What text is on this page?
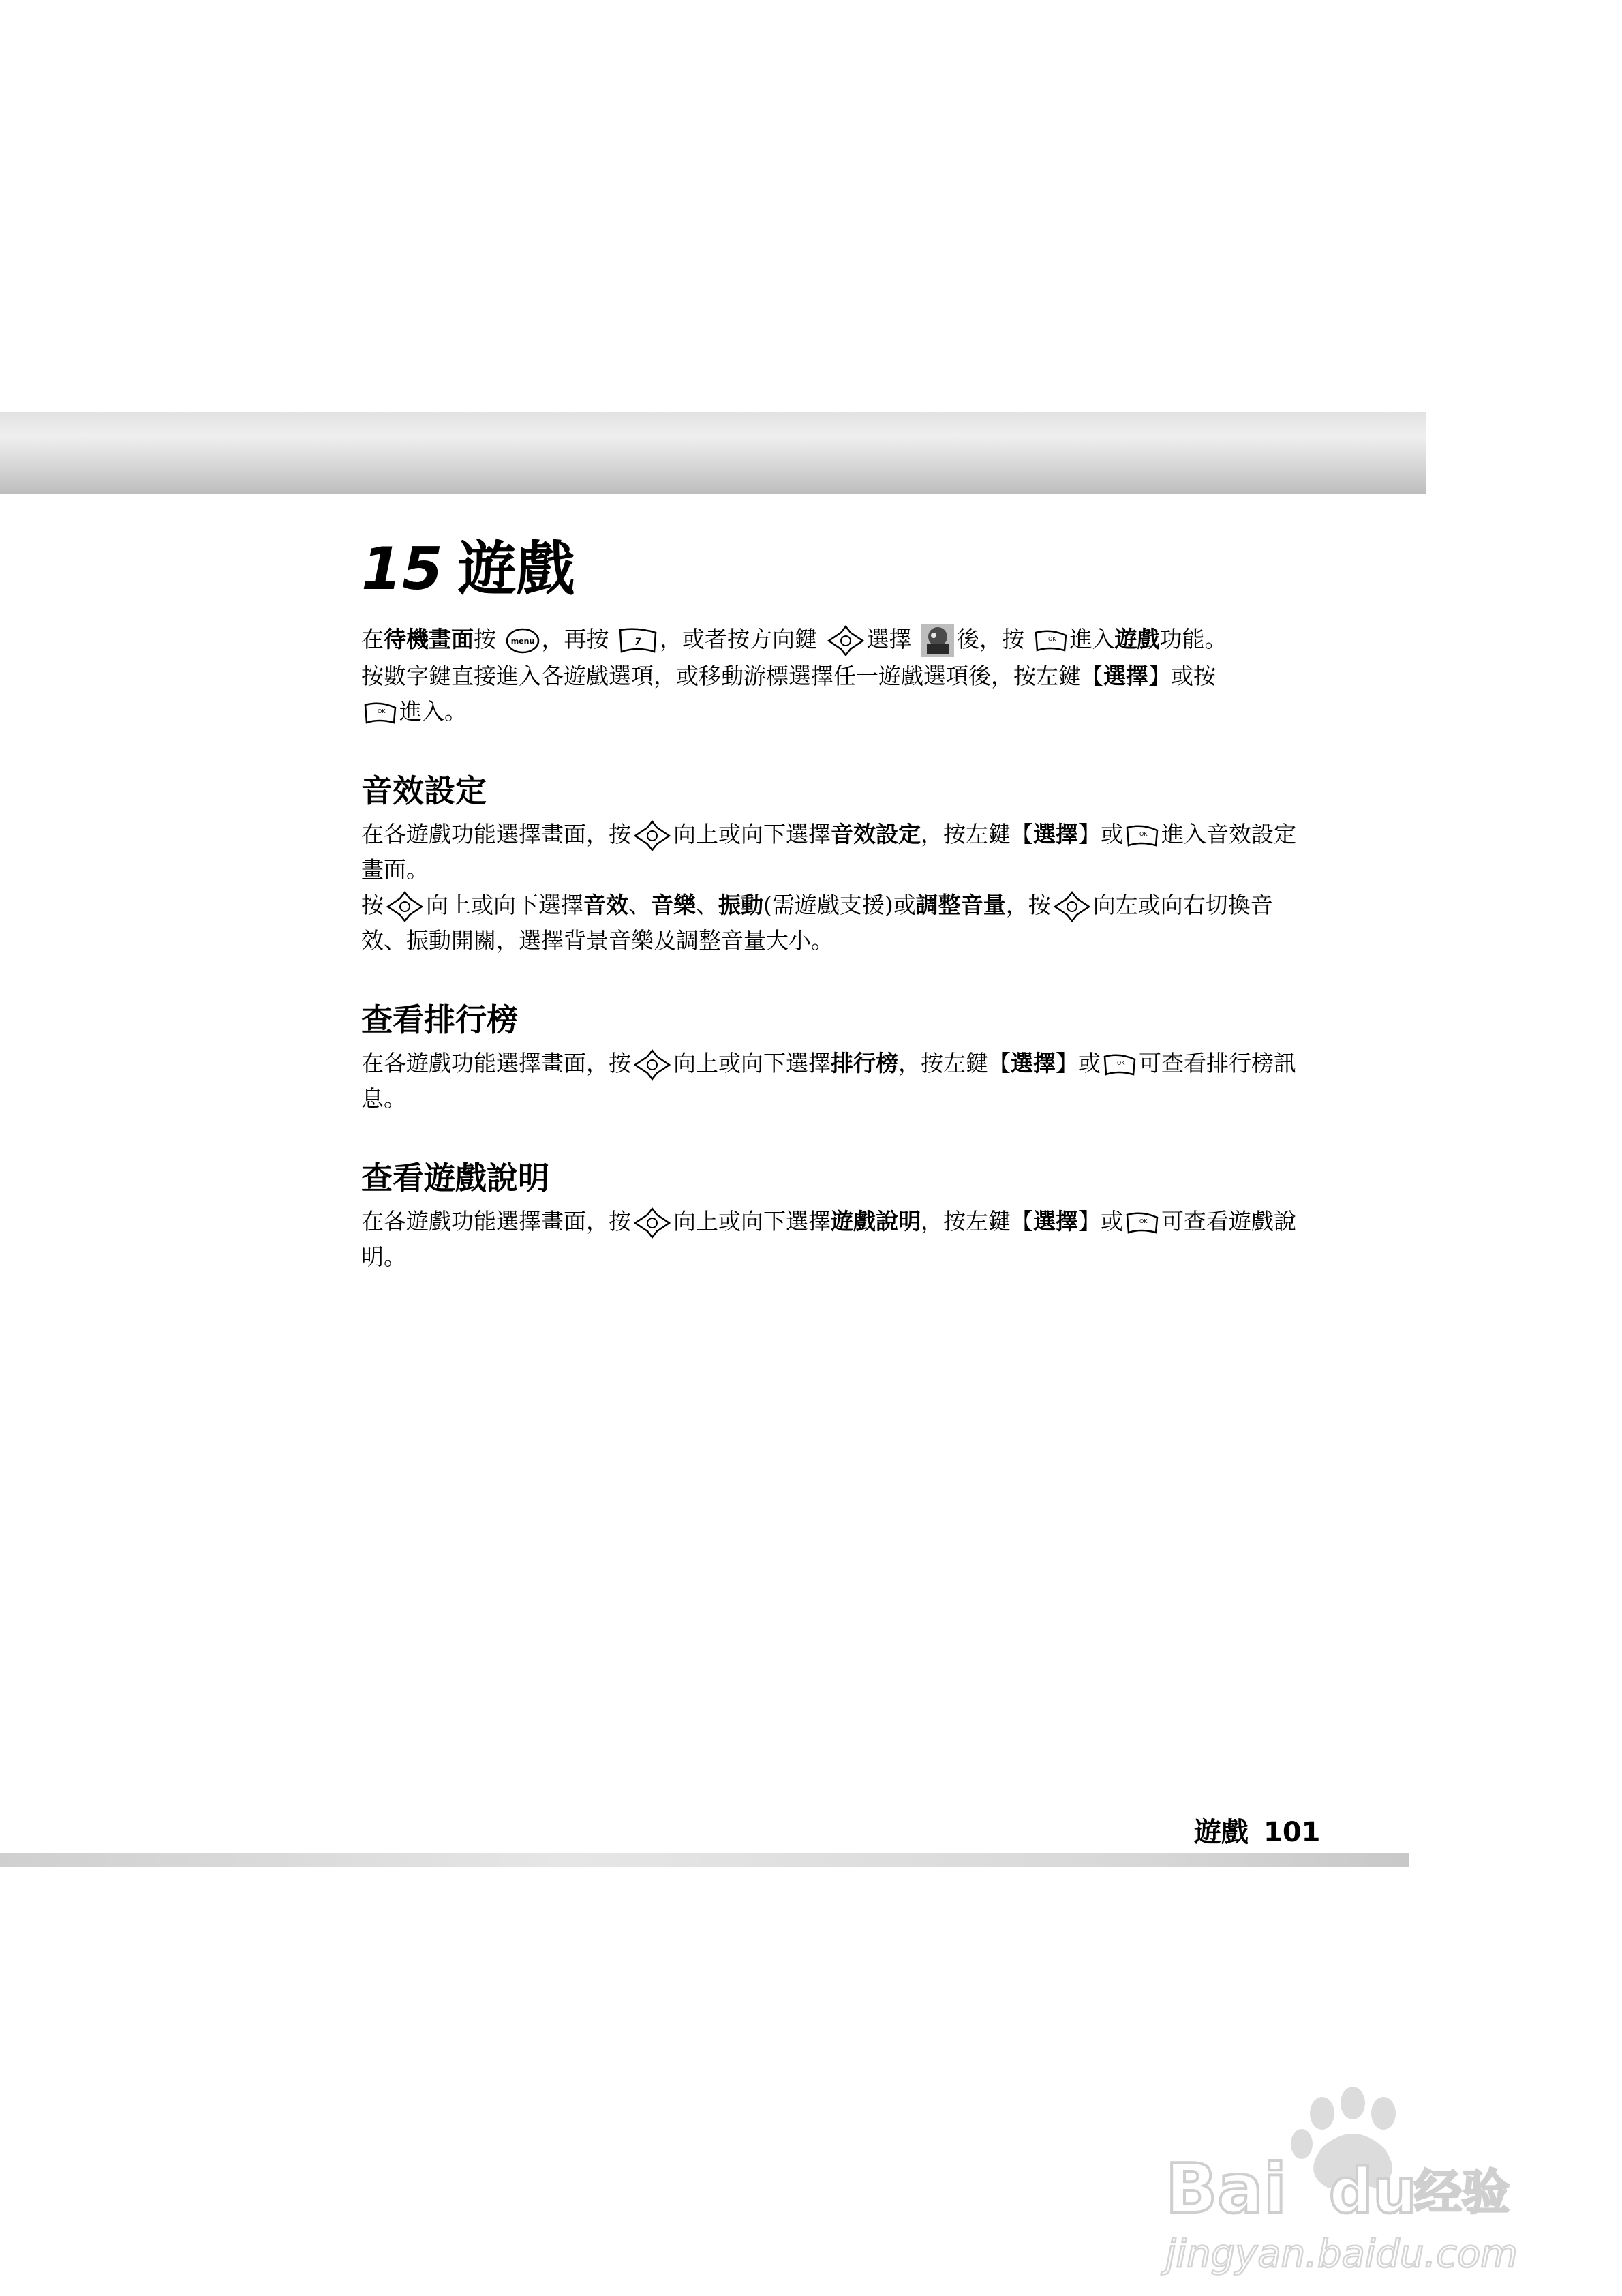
15 遊戲

在待機畫面按 menu ，再按	7 ，或者按方向鍵 選擇 後，按	OK 進入遊戲功能。

按數字鍵直接進入各遊戲選項，或移動游標選擇任一遊戲選項後，按左鍵【選擇】或按

OK 進入。

音效設定

在各遊戲功能選擇畫面，按 向上或向下選擇音效設定，按左鍵【選擇】或	OK 進入音效設定畫面。

按 向上或向下選擇音效、音樂、振動(需遊戲支援)或調整音量，按 向左或向右切換音效、振動開關，選擇背景音樂及調整音量大小。

查看排行榜

在各遊戲功能選擇畫面，按 向上或向下選擇排行榜，按左鍵【選擇】或	OK 可查看排行榜訊息。

查看遊戲說明

在各遊戲功能選擇畫面，按 向上或向下選擇遊戲說明，按左鍵【選擇】或	OK 可查看遊戲說明。

遊戲 101
Bai du
经验
jingyan.baidu.com
